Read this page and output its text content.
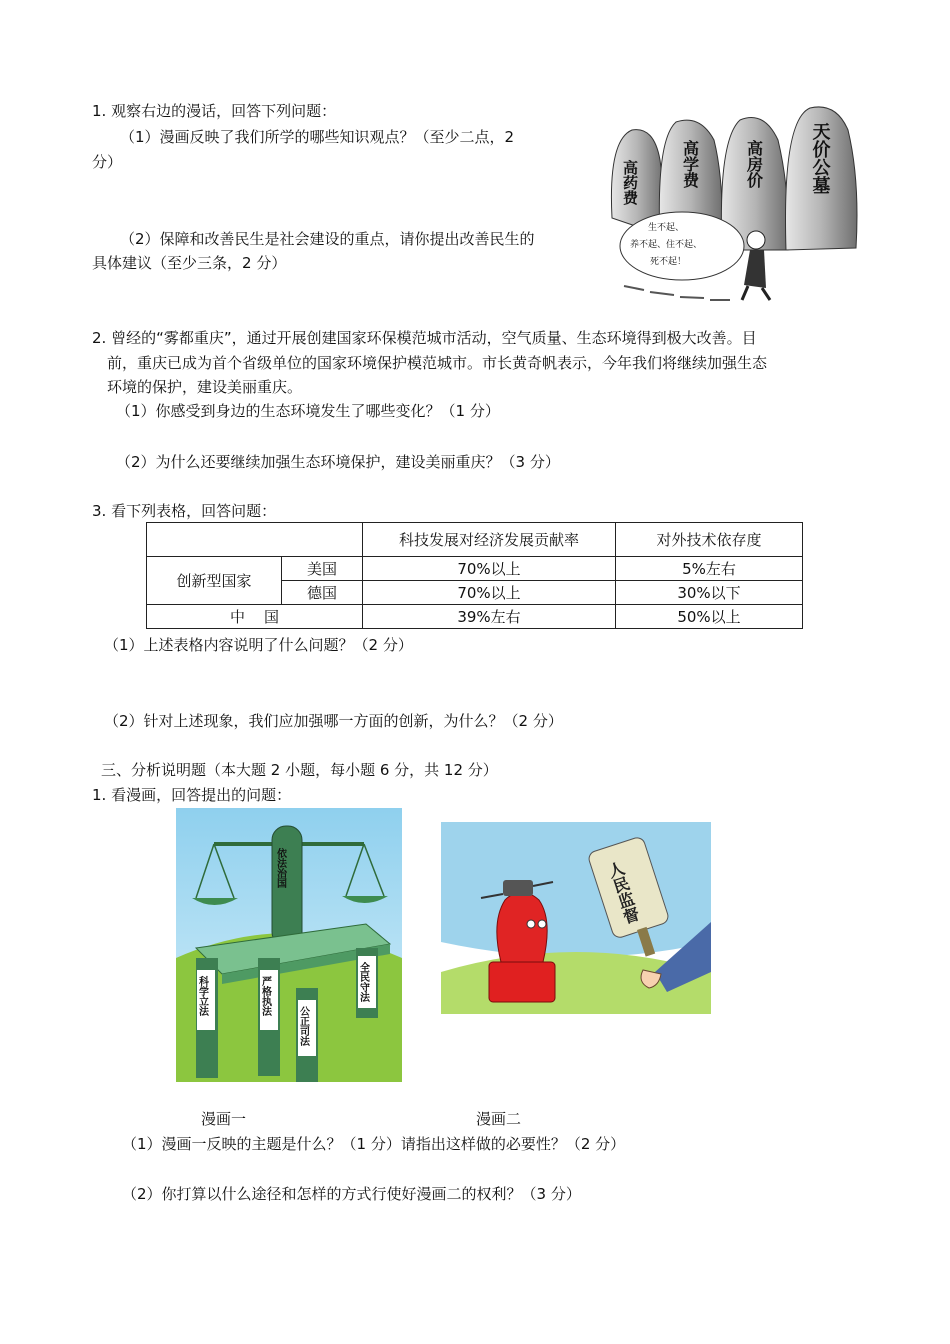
1. 观察右边的漫话，回答下列问题：
（1）漫画反映了我们所学的哪些知识观点？（至少二点，2
分）
（2）保障和改善民生是社会建设的重点，请你提出改善民生的
具体建议（至少三条，2 分）
高药费	高学费	高房价	天价公墓
生不起、
养不起、住不起、
死不起！
2. 曾经的“雾都重庆”，通过开展创建国家环保模范城市活动，空气质量、生态环境得到极大改善。目
前，重庆已成为首个省级单位的国家环境保护模范城市。市长黄奇帆表示，今年我们将继续加强生态
环境的保护，建设美丽重庆。
（1）你感受到身边的生态环境发生了哪些变化？（1 分）
（2）为什么还要继续加强生态环境保护，建设美丽重庆？（3 分）
3. 看下列表格，回答问题：
		科技发展对经济发展贡献率	对外技术依存度
创新型国家	美国	70%以上	5%左右
	德国	70%以上	30%以下
中    国		39%左右	50%以上
（1）上述表格内容说明了什么问题？（2 分）
（2）针对上述现象，我们应加强哪一方面的创新，为什么？（2 分）
三、分析说明题（本大题 2 小题，每小题 6 分，共 12 分）
1. 看漫画，回答提出的问题：
依法治国
科学立法	严格执法
公正司法
全民守法
人民监督
漫画一	漫画二
（1）漫画一反映的主题是什么？（1 分）请指出这样做的必要性？（2 分）
（2）你打算以什么途径和怎样的方式行使好漫画二的权利？（3 分）
